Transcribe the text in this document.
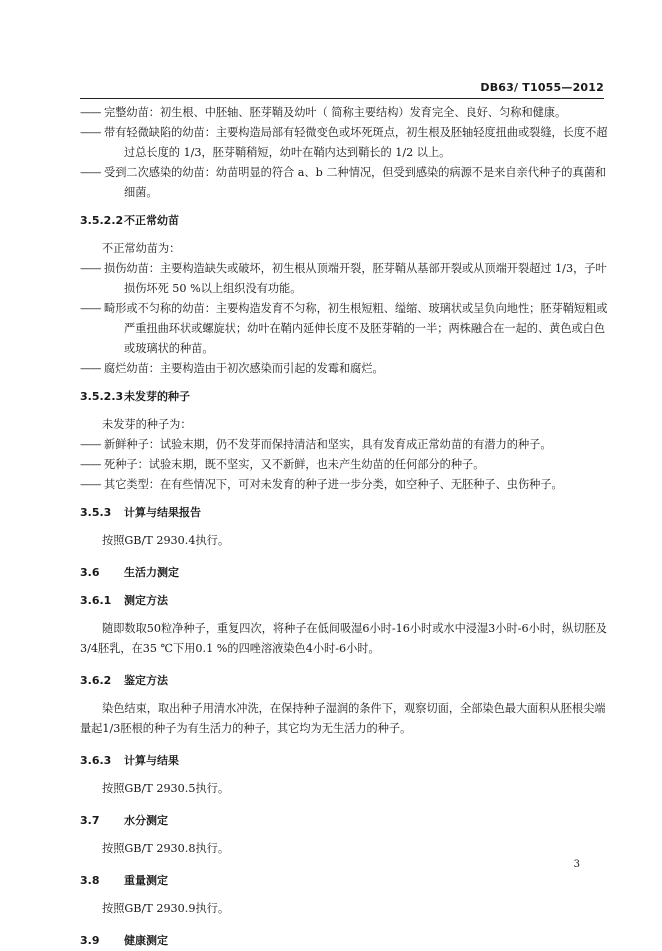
DB63/ T1055—2012

—— 完整幼苗：初生根、中胚轴、胚芽鞘及幼叶（ 简称主要结构）发育完全、良好、匀称和健康。

—— 带有轻微缺陷的幼苗：主要构造局部有轻微变色或坏死斑点，初生根及胚轴轻度扭曲或裂缝，长度不超过总长度的 1/3，胚芽鞘稍短，幼叶在鞘内达到鞘长的 1/2 以上。

—— 受到二次感染的幼苗：幼苗明显的符合 a、b 二种情况，但受到感染的病源不是来自亲代种子的真菌和细菌。

3.5.2.2不正常幼苗

不正常幼苗为：

—— 损伤幼苗：主要构造缺失或破坏，初生根从顶端开裂，胚芽鞘从基部开裂或从顶端开裂超过 1/3，子叶损伤坏死 50 %以上组织没有功能。

—— 畸形或不匀称的幼苗：主要构造发育不匀称，初生根短粗、缢缩、玻璃状或呈负向地性；胚芽鞘短粗或严重扭曲环状或螺旋状；幼叶在鞘内延伸长度不及胚芽鞘的一半；两株融合在一起的、黄色或白色或玻璃状的种苗。

—— 腐烂幼苗：主要构造由于初次感染而引起的发霉和腐烂。

3.5.2.3未发芽的种子

未发芽的种子为：

—— 新鲜种子：试验末期，仍不发芽而保持清洁和坚实，具有发育成正常幼苗的有潜力的种子。

—— 死种子：试验末期，既不坚实，又不新鲜，也未产生幼苗的任何部分的种子。

—— 其它类型：在有些情况下，可对未发育的种子进一步分类，如空种子、无胚种子、虫伤种子。

3.5.3 计算与结果报告

按照GB/T 2930.4执行。

3.6 生活力测定

3.6.1 测定方法

随即数取50粒净种子，重复四次，将种子在低间吸湿6小时-16小时或水中浸湿3小时-6小时，纵切胚及3/4胚乳，在35 ℃下用0.1 %的四唑溶液染色4小时-6小时。

3.6.2 鉴定方法

染色结束，取出种子用清水冲洗，在保持种子湿润的条件下，观察切面，全部染色最大面积从胚根尖端量起1/3胚根的种子为有生活力的种子，其它均为无生活力的种子。

3.6.3 计算与结果

按照GB/T 2930.5执行。

3.7 水分测定

按照GB/T 2930.8执行。

3.8 重量测定

按照GB/T 2930.9执行。

3.9 健康测定

3
